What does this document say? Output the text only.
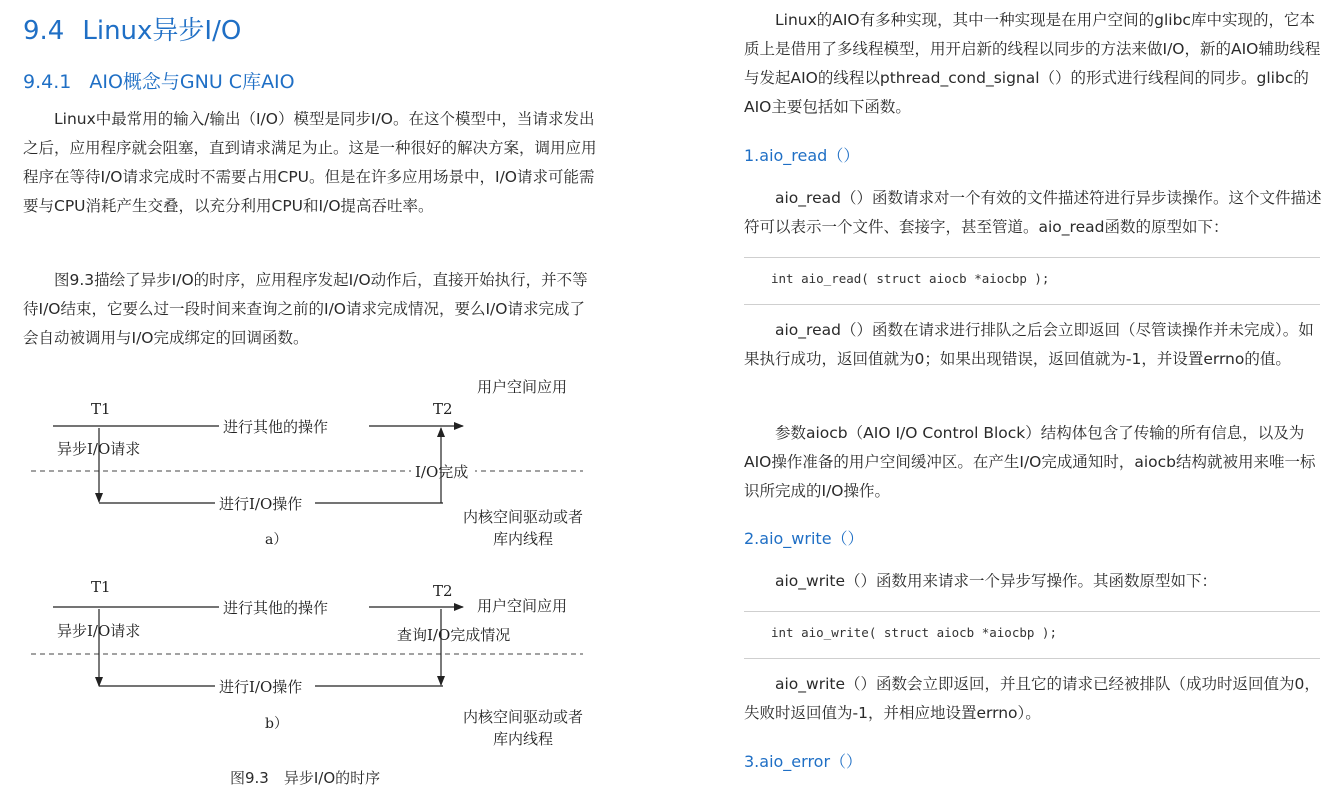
9.4 Linux异步I/O
9.4.1 AIO概念与GNU C库AIO

Linux中最常用的输入/输出（I/O）模型是同步I/O。在这个模型中，当请求发出之后，应用程序就会阻塞，直到请求满足为止。这是一种很好的解决方案，调用应用程序在等待I/O请求完成时不需要占用CPU。但是在许多应用场景中，I/O请求可能需要与CPU消耗产生交叠，以充分利用CPU和I/O提高吞吐率。

图9.3描绘了异步I/O的时序，应用程序发起I/O动作后，直接开始执行，并不等待I/O结束，它要么过一段时间来查询之前的I/O请求完成情况，要么I/O请求完成了会自动被调用与I/O完成绑定的回调函数。

用户空间应用
T1	T2
进行其他的操作
异步I/O请求
I/O完成
进行I/O操作
内核空间驱动或者
库内线程
a）
T1	T2
用户空间应用
进行其他的操作
异步I/O请求	查询I/O完成情况
进行I/O操作
内核空间驱动或者
库内线程
b）
图9.3　异步I/O的时序

Linux的AIO有多种实现，其中一种实现是在用户空间的glibc库中实现的，它本质上是借用了多线程模型，用开启新的线程以同步的方法来做I/O，新的AIO辅助线程与发起AIO的线程以pthread_cond_signal（）的形式进行线程间的同步。glibc的AIO主要包括如下函数。

1.aio_read（）

aio_read（）函数请求对一个有效的文件描述符进行异步读操作。这个文件描述符可以表示一个文件、套接字，甚至管道。aio_read函数的原型如下：

int aio_read( struct aiocb *aiocbp );

aio_read（）函数在请求进行排队之后会立即返回（尽管读操作并未完成）。如果执行成功，返回值就为0；如果出现错误，返回值就为-1，并设置errno的值。

参数aiocb（AIO I/O Control Block）结构体包含了传输的所有信息，以及为AIO操作准备的用户空间缓冲区。在产生I/O完成通知时，aiocb结构就被用来唯一标识所完成的I/O操作。

2.aio_write（）

aio_write（）函数用来请求一个异步写操作。其函数原型如下：

int aio_write( struct aiocb *aiocbp );

aio_write（）函数会立即返回，并且它的请求已经被排队（成功时返回值为0，失败时返回值为-1，并相应地设置errno）。

3.aio_error（）
